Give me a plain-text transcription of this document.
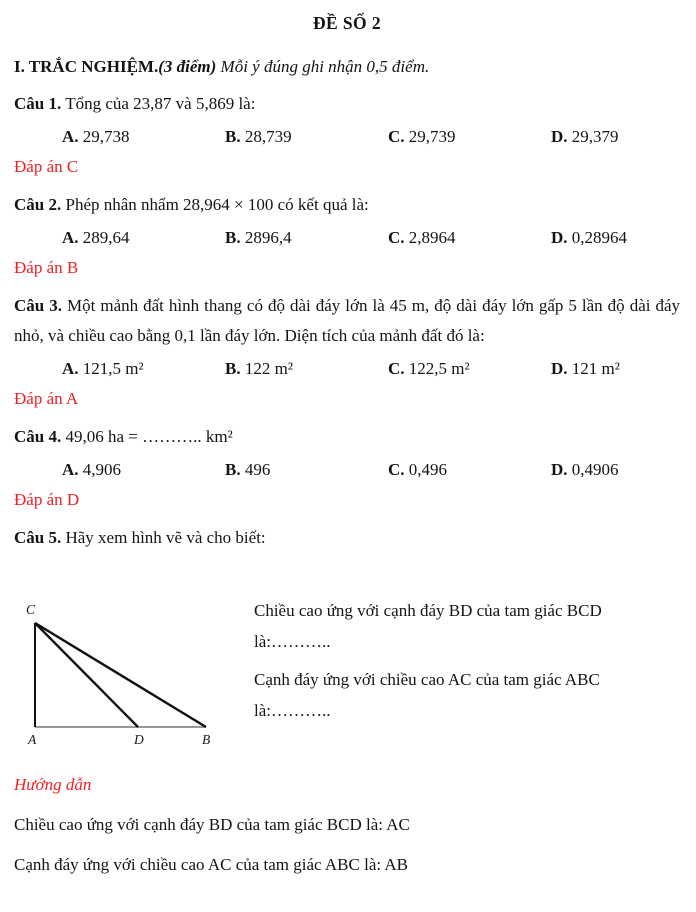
ĐỀ SỐ 2

I. TRẮC NGHIỆM.(3 điểm) Mỗi ý đúng ghi nhận 0,5 điểm.

Câu 1. Tổng của 23,87 và 5,869 là:

A. 29,738	B. 28,739	C. 29,739	D. 29,379

Đáp án C

Câu 2. Phép nhân nhẩm 28,964 × 100 có kết quả là:

A. 289,64	B. 2896,4	C. 2,8964	D. 0,28964

Đáp án B

Câu 3. Một mảnh đất hình thang có độ dài đáy lớn là 45 m, độ dài đáy lớn gấp 5 lần độ dài đáy nhỏ, và chiều cao bằng 0,1 lần đáy lớn. Diện tích của mảnh đất đó là:

A. 121,5 m²	B. 122 m²	C. 122,5 m²	D. 121 m²

Đáp án A

Câu 4. 49,06 ha = ……….. km²

A. 4,906	B. 496	C. 0,496	D. 0,4906

Đáp án D

Câu 5. Hãy xem hình vẽ và cho biết:

C
A	D	B

Chiều cao ứng với cạnh đáy BD của tam giác BCD
là:………..

Cạnh đáy ứng với chiều cao AC của tam giác ABC
là:………..

Hướng dẫn

Chiều cao ứng với cạnh đáy BD của tam giác BCD là: AC

Cạnh đáy ứng với chiều cao AC của tam giác ABC là: AB
